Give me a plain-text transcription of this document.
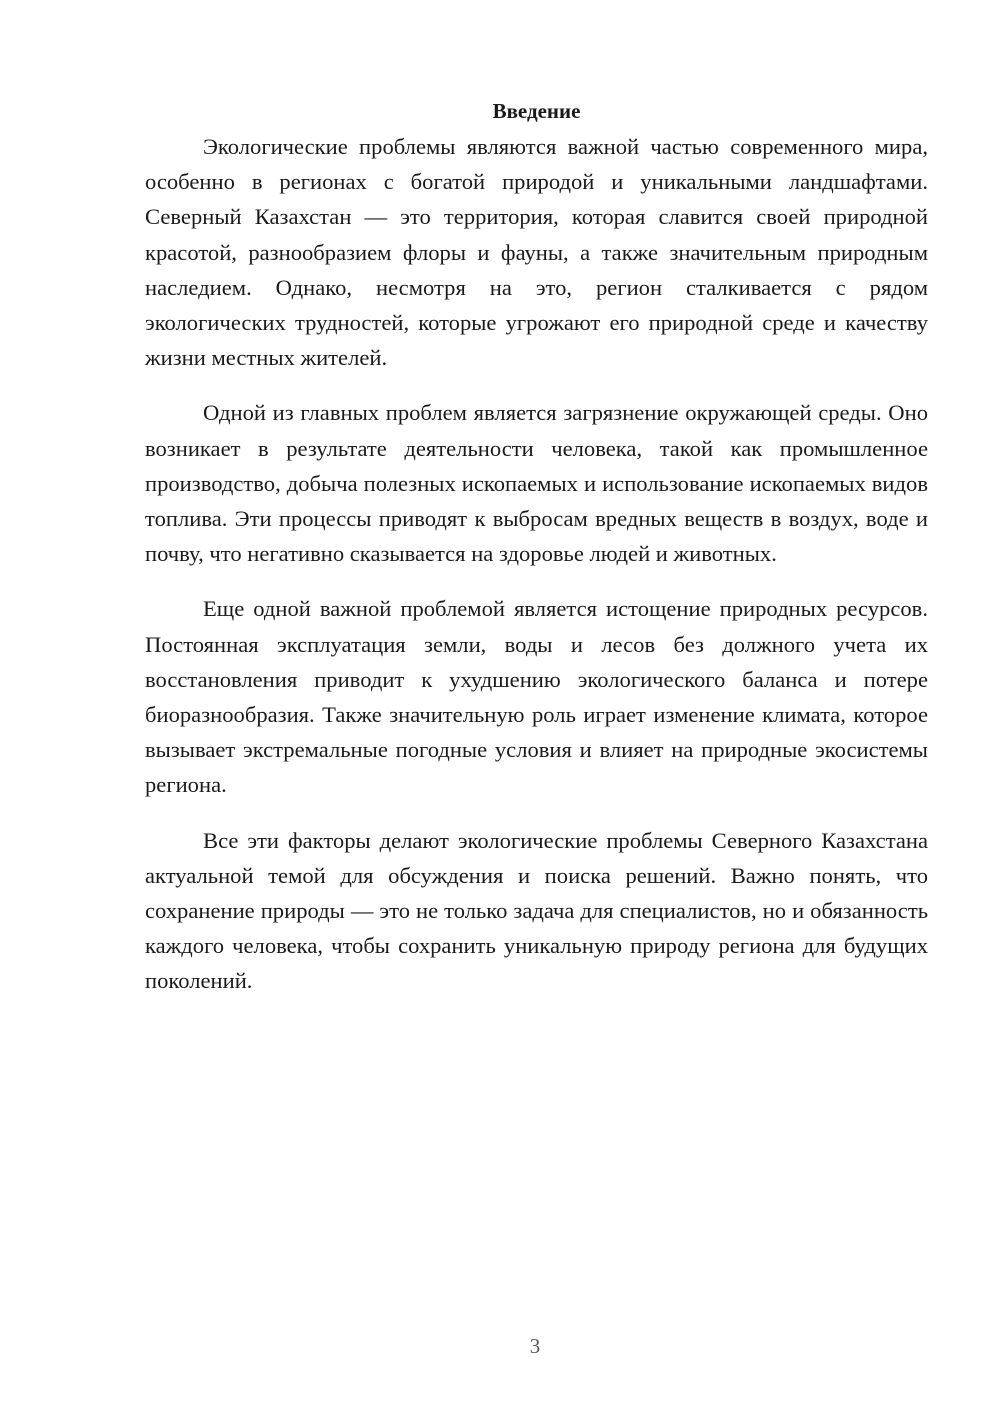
Введение

Экологические проблемы являются важной частью современного мира, особенно в регионах с богатой природой и уникальными ландшафтами. Северный Казахстан — это территория, которая славится своей природной красотой, разнообразием флоры и фауны, а также значительным природным наследием. Однако, несмотря на это, регион сталкивается с рядом экологических трудностей, которые угрожают его природной среде и качеству жизни местных жителей.

Одной из главных проблем является загрязнение окружающей среды. Оно возникает в результате деятельности человека, такой как промышленное производство, добыча полезных ископаемых и использование ископаемых видов топлива. Эти процессы приводят к выбросам вредных веществ в воздух, воде и почву, что негативно сказывается на здоровье людей и животных.

Еще одной важной проблемой является истощение природных ресурсов. Постоянная эксплуатация земли, воды и лесов без должного учета их восстановления приводит к ухудшению экологического баланса и потере биоразнообразия. Также значительную роль играет изменение климата, которое вызывает экстремальные погодные условия и влияет на природные экосистемы региона.

Все эти факторы делают экологические проблемы Северного Казахстана актуальной темой для обсуждения и поиска решений. Важно понять, что сохранение природы — это не только задача для специалистов, но и обязанность каждого человека, чтобы сохранить уникальную природу региона для будущих поколений.

3
